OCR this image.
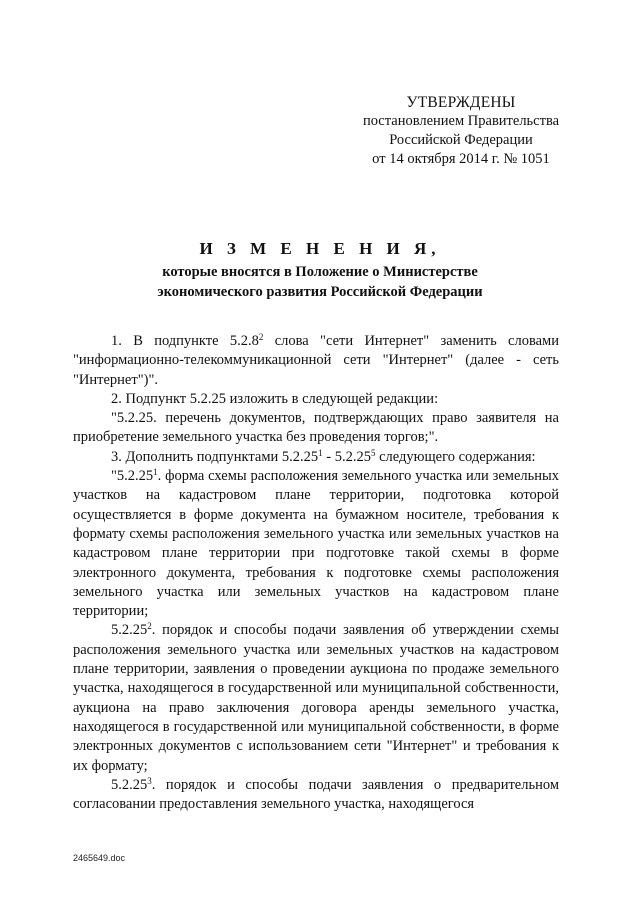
УТВЕРЖДЕНЫ
постановлением Правительства
Российской Федерации
от 14 октября 2014 г. № 1051
И З М Е Н Е Н И Я,
которые вносятся в Положение о Министерстве
экономического развития Российской Федерации

1. В подпункте 5.2.8$^2$ слова "сети Интернет" заменить словами "информационно-телекоммуникационной сети "Интернет" (далее - сеть "Интернет")".

2. Подпункт 5.2.25 изложить в следующей редакции:

"5.2.25. перечень документов, подтверждающих право заявителя на приобретение земельного участка без проведения торгов;".

3. Дополнить подпунктами 5.2.25$^1$ - 5.2.25$^5$ следующего содержания:

"5.2.25$^1$. форма схемы расположения земельного участка или земельных участков на кадастровом плане территории, подготовка которой осуществляется в форме документа на бумажном носителе, требования к формату схемы расположения земельного участка или земельных участков на кадастровом плане территории при подготовке такой схемы в форме электронного документа, требования к подготовке схемы расположения земельного участка или земельных участков на кадастровом плане территории;

5.2.25$^2$. порядок и способы подачи заявления об утверждении схемы расположения земельного участка или земельных участков на кадастровом плане территории, заявления о проведении аукциона по продаже земельного участка, находящегося в государственной или муниципальной собственности, аукциона на право заключения договора аренды земельного участка, находящегося в государственной или муниципальной собственности, в форме электронных документов с использованием сети "Интернет" и требования к их формату;

5.2.25$^3$. порядок и способы подачи заявления о предварительном согласовании предоставления земельного участка, находящегося

2465649.doc
